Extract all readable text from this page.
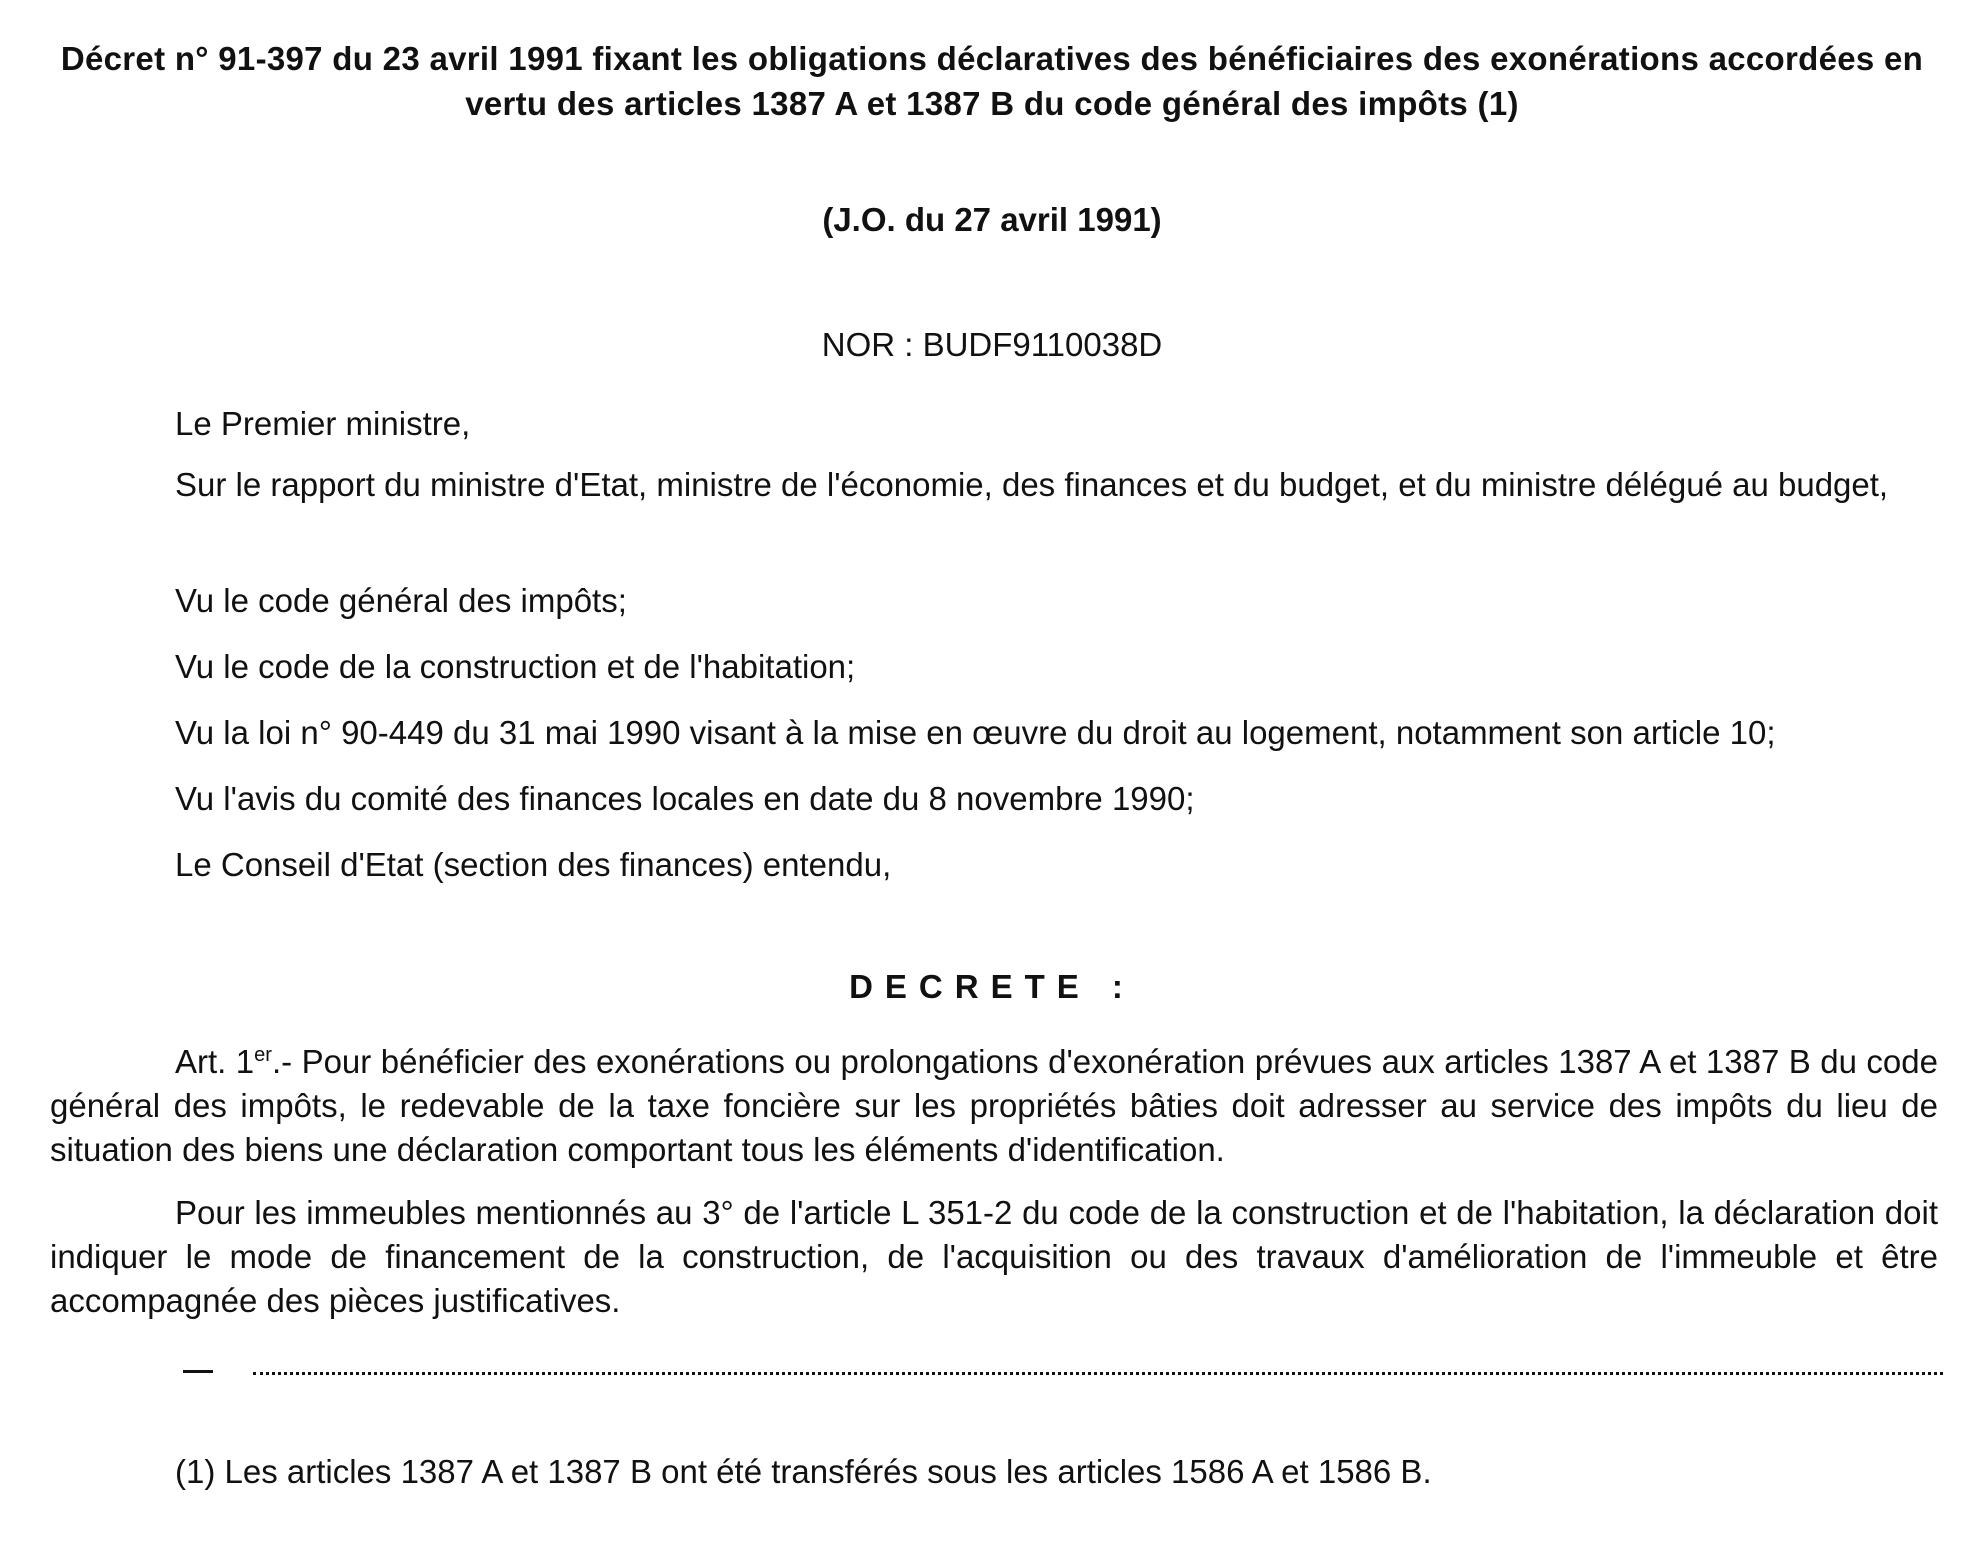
Décret n° 91-397 du 23 avril 1991 fixant les obligations déclaratives des bénéficiaires des exonérations accordées en vertu des articles 1387 A et 1387 B du code général des impôts (1)
(J.O. du 27 avril 1991)
NOR : BUDF9110038D
Le Premier ministre,
Sur le rapport du ministre d'Etat, ministre de l'économie, des finances et du budget, et du ministre délégué au budget,
Vu le code général des impôts;
Vu le code de la construction et de l'habitation;
Vu la loi n° 90-449 du 31 mai 1990 visant à la mise en œuvre du droit au logement, notamment son article 10;
Vu l'avis du comité des finances locales en date du 8 novembre 1990;
Le Conseil d'Etat (section des finances) entendu,
DECRETE :
Art. 1er.- Pour bénéficier des exonérations ou prolongations d'exonération prévues aux articles 1387 A et 1387 B du code général des impôts, le redevable de la taxe foncière sur les propriétés bâties doit adresser au service des impôts du lieu de situation des biens une déclaration comportant tous les éléments d'identification.
Pour les immeubles mentionnés au 3° de l'article L 351-2 du code de la construction et de l'habitation, la déclaration doit indiquer le mode de financement de la construction, de l'acquisition ou des travaux d'amélioration de l'immeuble et être accompagnée des pièces justificatives.
(1) Les articles 1387 A et 1387 B ont été transférés sous les articles 1586 A et 1586 B.
